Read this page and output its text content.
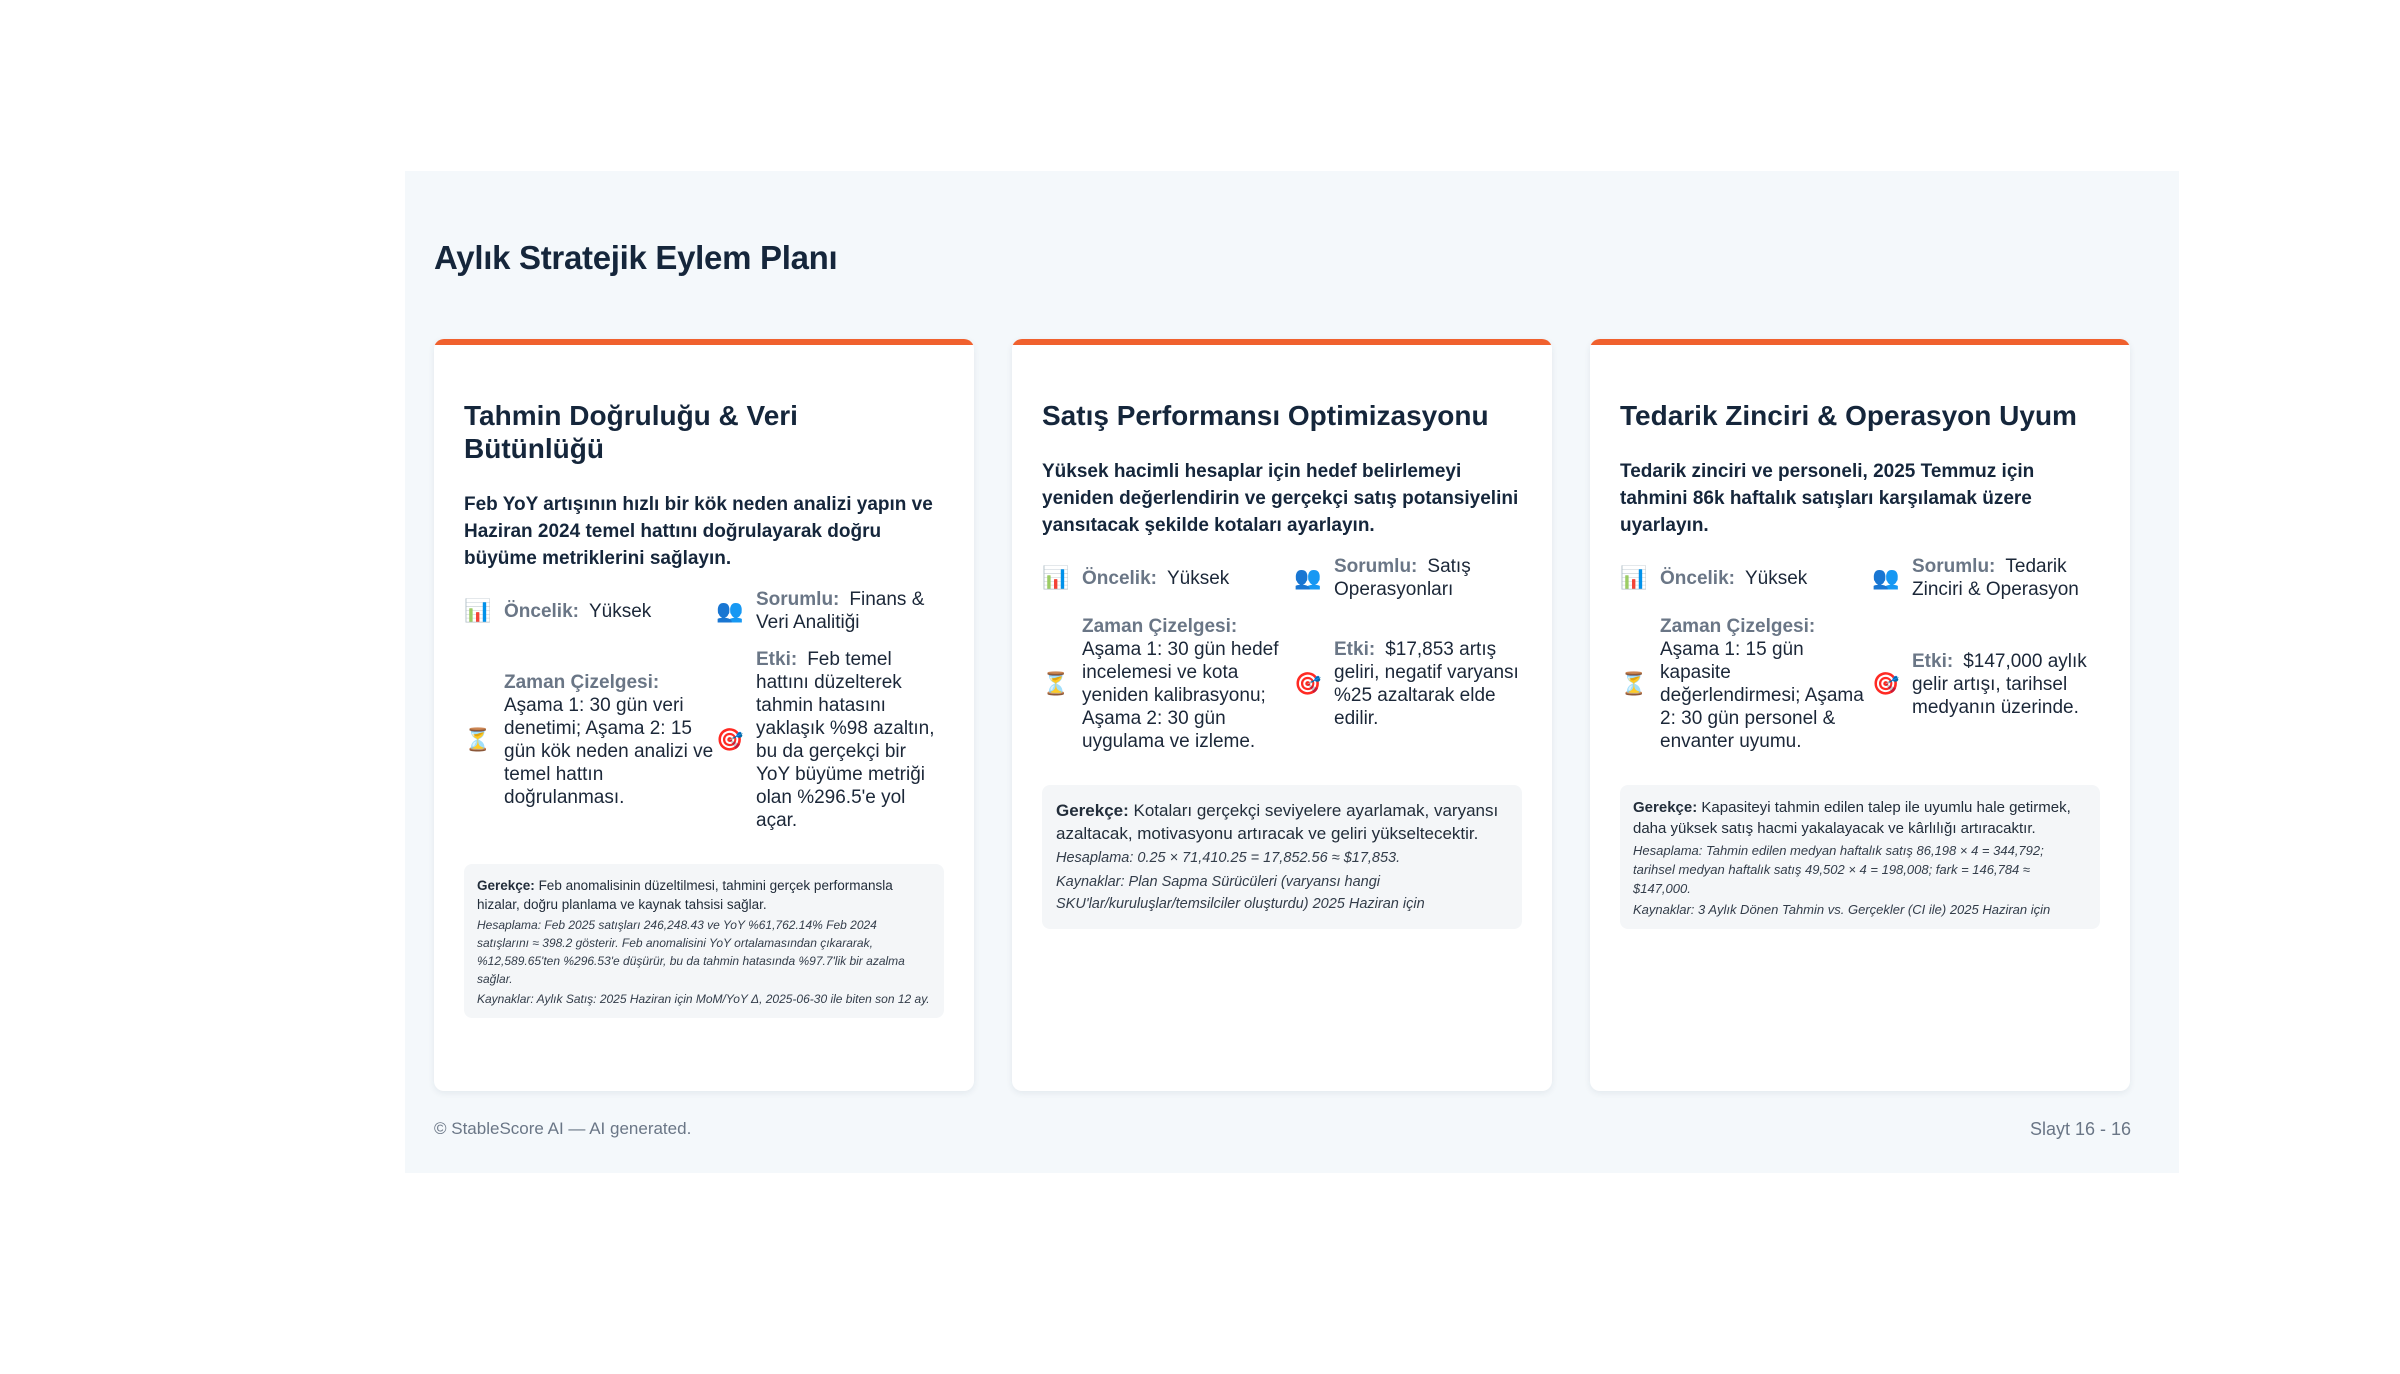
Aylık Stratejik Eylem Planı
Tahmin Doğruluğu & Veri Bütünlüğü

Feb YoY artışının hızlı bir kök neden analizi yapın ve Haziran 2024 temel hattını doğrulayarak doğru büyüme metriklerini sağlayın.

📊 Öncelik: Yüksek	👥 Sorumlu: Finans & Veri Analitiği
⏳
Zaman Çizelgesi:
Aşama 1: 30 gün veri denetimi; Aşama 2: 15 gün kök neden analizi ve temel hattın doğrulanması.
🎯
Etki: Feb temel hattını düzelterek tahmin hatasını yaklaşık %98 azaltın, bu da gerçekçi bir YoY büyüme metriği olan %296.5'e yol açar.
Gerekçe: Feb anomalisinin düzeltilmesi, tahmini gerçek performansla hizalar, doğru planlama ve kaynak tahsisi sağlar.
Hesaplama: Feb 2025 satışları 246,248.43 ve YoY %61,762.14% Feb 2024 satışlarını ≈ 398.2 gösterir. Feb anomalisini YoY ortalamasından çıkararak, %12,589.65'ten %296.53'e düşürür, bu da tahmin hatasında %97.7'lik bir azalma sağlar.
Kaynaklar: Aylık Satış: 2025 Haziran için MoM/YoY Δ, 2025-06-30 ile biten son 12 ay.
Satış Performansı Optimizasyonu

Yüksek hacimli hesaplar için hedef belirlemeyi yeniden değerlendirin ve gerçekçi satış potansiyelini yansıtacak şekilde kotaları ayarlayın.

📊 Öncelik: Yüksek	👥 Sorumlu: Satış Operasyonları
⏳
Zaman Çizelgesi:
Aşama 1: 30 gün hedef incelemesi ve kota yeniden kalibrasyonu; Aşama 2: 30 gün uygulama ve izleme.
🎯
Etki: $17,853 artış geliri, negatif varyansı %25 azaltarak elde edilir.
Gerekçe: Kotaları gerçekçi seviyelere ayarlamak, varyansı azaltacak, motivasyonu artıracak ve geliri yükseltecektir.
Hesaplama: 0.25 × 71,410.25 = 17,852.56 ≈ $17,853.
Kaynaklar: Plan Sapma Sürücüleri (varyansı hangi SKU'lar/kuruluşlar/temsilciler oluşturdu) 2025 Haziran için
Tedarik Zinciri & Operasyon Uyum

Tedarik zinciri ve personeli, 2025 Temmuz için tahmini 86k haftalık satışları karşılamak üzere uyarlayın.

📊 Öncelik: Yüksek	👥 Sorumlu: Tedarik Zinciri & Operasyon
⏳
Zaman Çizelgesi:
Aşama 1: 15 gün kapasite değerlendirmesi; Aşama 2: 30 gün personel & envanter uyumu.
🎯
Etki: $147,000 aylık gelir artışı, tarihsel medyanın üzerinde.
Gerekçe: Kapasiteyi tahmin edilen talep ile uyumlu hale getirmek, daha yüksek satış hacmi yakalayacak ve kârlılığı artıracaktır.
Hesaplama: Tahmin edilen medyan haftalık satış 86,198 × 4 = 344,792; tarihsel medyan haftalık satış 49,502 × 4 = 198,008; fark = 146,784 ≈ $147,000.
Kaynaklar: 3 Aylık Dönen Tahmin vs. Gerçekler (CI ile) 2025 Haziran için
© StableScore AI — AI generated.	Slayt 16 - 16
